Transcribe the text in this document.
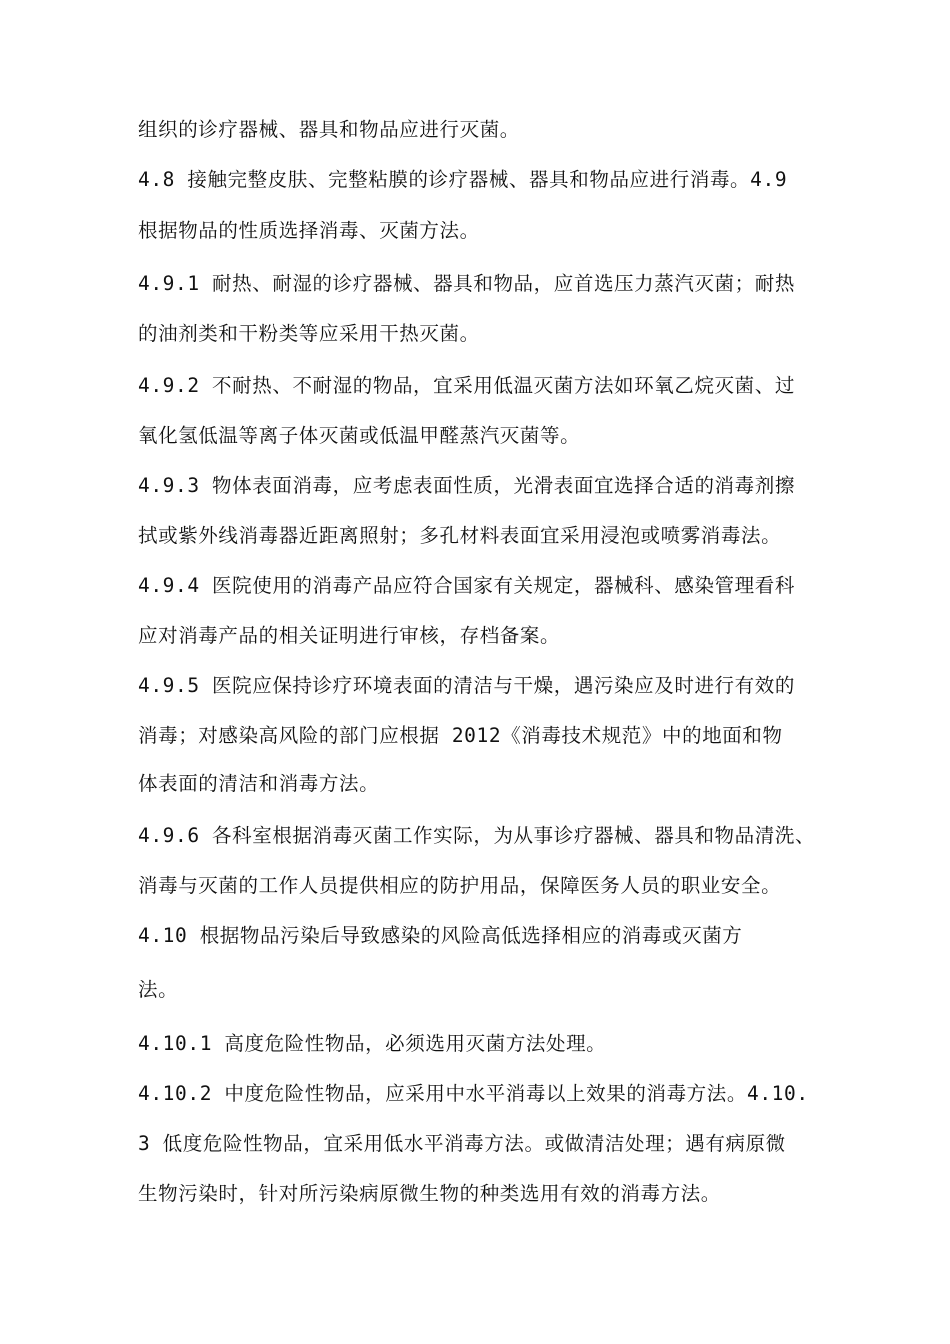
组织的诊疗器械、器具和物品应进行灭菌。
4.8 接触完整皮肤、完整粘膜的诊疗器械、器具和物品应进行消毒。4.9
根据物品的性质选择消毒、灭菌方法。
4.9.1 耐热、耐湿的诊疗器械、器具和物品，应首选压力蒸汽灭菌；耐热
的油剂类和干粉类等应采用干热灭菌。
4.9.2 不耐热、不耐湿的物品，宜采用低温灭菌方法如环氧乙烷灭菌、过
氧化氢低温等离子体灭菌或低温甲醛蒸汽灭菌等。
4.9.3 物体表面消毒，应考虑表面性质，光滑表面宜选择合适的消毒剂擦
拭或紫外线消毒器近距离照射；多孔材料表面宜采用浸泡或喷雾消毒法。
4.9.4 医院使用的消毒产品应符合国家有关规定，器械科、感染管理看科
应对消毒产品的相关证明进行审核，存档备案。
4.9.5 医院应保持诊疗环境表面的清洁与干燥，遇污染应及时进行有效的
消毒；对感染高风险的部门应根据 2012《消毒技术规范》中的地面和物
体表面的清洁和消毒方法。
4.9.6 各科室根据消毒灭菌工作实际，为从事诊疗器械、器具和物品清洗、
消毒与灭菌的工作人员提供相应的防护用品，保障医务人员的职业安全。
4.10 根据物品污染后导致感染的风险高低选择相应的消毒或灭菌方
法。
4.10.1 高度危险性物品，必须选用灭菌方法处理。
4.10.2 中度危险性物品，应采用中水平消毒以上效果的消毒方法。4.10.
3 低度危险性物品，宜采用低水平消毒方法。或做清洁处理；遇有病原微
生物污染时，针对所污染病原微生物的种类选用有效的消毒方法。
